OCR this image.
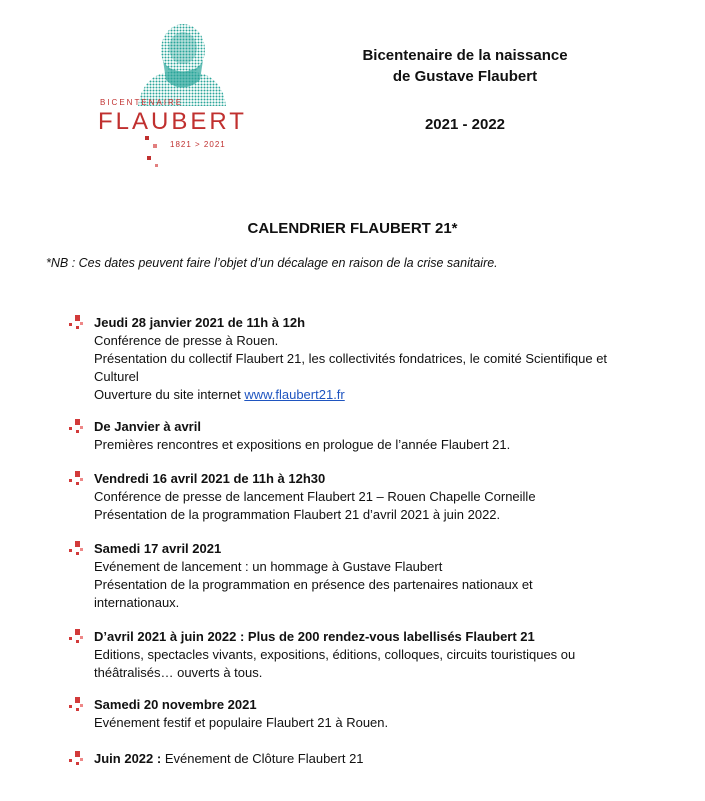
BICENTENAIRE
FLAUBERT
1821 > 2021
Bicentenaire de la naissance
de Gustave Flaubert
2021 - 2022
CALENDRIER FLAUBERT 21*
*NB : Ces dates peuvent faire l’objet d’un décalage en raison de la crise sanitaire.
Jeudi 28 janvier 2021 de 11h à 12h
Conférence de presse à Rouen.
Présentation du collectif Flaubert 21, les collectivités fondatrices, le comité Scientifique et
Culturel
Ouverture du site internet www.flaubert21.fr
De Janvier à avril
Premières rencontres et expositions en prologue de l’année Flaubert 21.
Vendredi 16 avril 2021 de 11h à 12h30
Conférence de presse de lancement Flaubert 21 – Rouen Chapelle Corneille
Présentation de la programmation Flaubert 21 d’avril 2021 à juin 2022.
Samedi 17 avril 2021
Evénement de lancement : un hommage à Gustave Flaubert
Présentation de la programmation en présence des partenaires nationaux et
internationaux.
D’avril 2021 à juin 2022 : Plus de 200 rendez-vous labellisés Flaubert 21
Editions, spectacles vivants, expositions, éditions, colloques, circuits touristiques ou
théâtralisés… ouverts à tous.
Samedi 20 novembre 2021
Evénement festif et populaire Flaubert 21 à Rouen.
Juin 2022 : Evénement de Clôture Flaubert 21
